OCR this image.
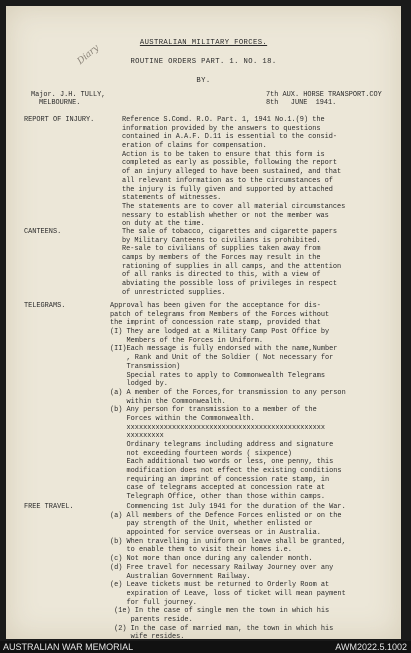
Diary
AUSTRALIAN MILITARY FORCES.
ROUTINE ORDERS PART. 1. NO. 18.
BY.
Major. J.H. TULLY,
MELBOURNE.
7th AUX. HORSE TRANSPORT.COY
8th   JUNE  1941.
REPORT OF INJURY.	Reference S.Comd. R.O. Part. 1, 1941 No.1.(9) the
information provided by the answers to questions
contained in A.A.F. D.11 is essential to the consid-
eration of claims for compensation.
Action is to be taken to ensure that this form is
completed as early as possible, following the report
of an injury alleged to have been sustained, and that
all relevant information as to the circumstances of
the injury is fully given and supported by attached
statements of witnesses.
The statements are to cover all material circumstances
nessary to establish whether or not the member was
on duty at the time.
CANTEENS.	The sale of tobacco, cigarettes and cigarette papers
by Military Canteens to civilians is prohibited.
Re-sale to civilians of supplies taken away from
camps by members of the Forces may result in the
rationing of supplies in all camps, and the attention
of all ranks is directed to this, with a view of
abviating the possible loss of privileges in respect
of unrestricted supplies.
TELEGRAMS.	Approval has been given for the acceptance for dis-
patch of telegrams from Members of the Forces without
the imprint of concession rate stamp, provided that
(I) They are lodged at a Military Camp Post Office by
Members of the Forces in Uniform.
(II)Each message is fully endorsed with the name,Number
, Rank and Unit of the Soldier ( Not necessary for
Transmission)
Special rates to apply to Commonwealth Telegrams
lodged by.
(a) A member of the Forces,for transmission to any person
within the Commonwealth.
(b) Any person for transmission to a member of the
Forces within the Commonwealth.
xxxxxxxxxxxxxxxxxxxxxxxxxxxxxxxxxxxxxxxxxxxxxxxx
xxxxxxxxx
Ordinary telegrams including address and signature
not exceeding fourteen words ( sixpence)
Each additional two words or less, one penny, this
modification does not effect the existing conditions
requiring an imprint of concession rate stamp, in
case of telegrams accepted at concession rate at
Telegraph Office, other than those within camps.
FREE TRAVEL.	Commencing 1st July 1941 for the duration of the War.
(a) All members of the Defence Forces enlisted or on the
pay strength of the Unit, whether enlisted or
appointed for service overseas or in Australia.
(b) When travelling in uniform on leave shall be granted,
to enable them to visit their homes i.e.
(c) Not more than once during any calender month.
(d) Free travel for necessary Railway Journey over any
Australian Government Railway.
(e) Leave tickets must be returned to Orderly Room at
expiration of Leave, loss of ticket will mean payment
for full journey.
(1e) In the case of single men the town in which his
parents reside.
(2) In the case of married man, the town in which his
wife resides.
AUSTRALIAN WAR MEMORIAL	AWM2022.5.1002
